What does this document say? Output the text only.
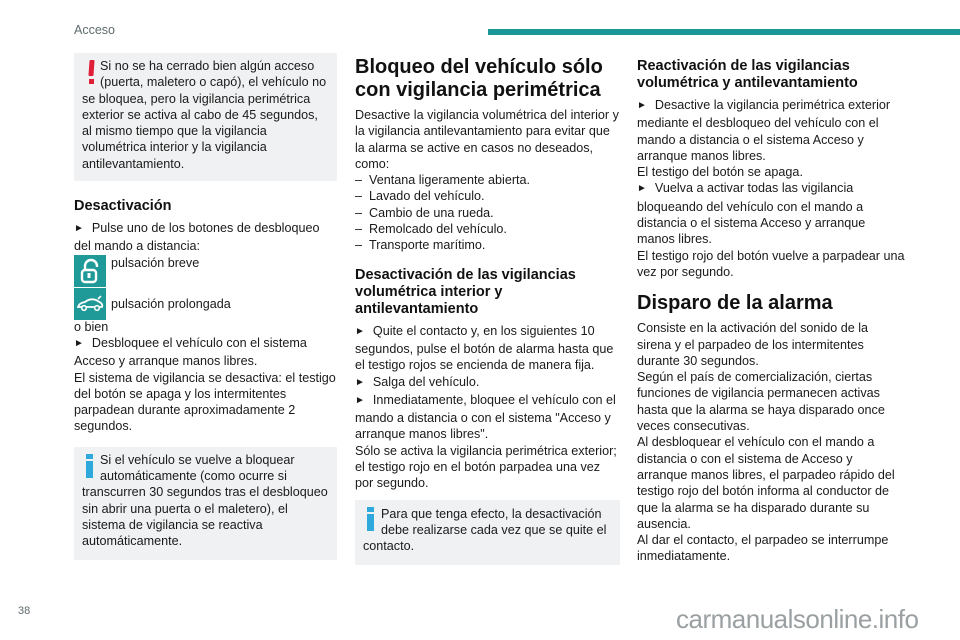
Acceso

Si no se ha cerrado bien algún acceso

(puerta, maletero o capó), el vehículo no

se bloquea, pero la vigilancia perimétrica exterior se activa al cabo de 45 segundos, al mismo tiempo que la vigilancia volumétrica interior y la vigilancia antilevantamiento.

Desactivación

► Pulse uno de los botones de desbloqueo del mando a distancia:

pulsación breve
pulsación prolongada

o bien

► Desbloquee el vehículo con el sistema Acceso y arranque manos libres.

El sistema de vigilancia se desactiva: el testigo del botón se apaga y los intermitentes parpadean durante aproximadamente 2 segundos.

Si el vehículo se vuelve a bloquear

automáticamente (como ocurre si

transcurren 30 segundos tras el desbloqueo sin abrir una puerta o el maletero), el sistema de vigilancia se reactiva automáticamente.

Bloqueo del vehículo sólo con vigilancia perimétrica

Desactive la vigilancia volumétrica del interior y la vigilancia antilevantamiento para evitar que la alarma se active en casos no deseados, como:

– Ventana ligeramente abierta.
– Lavado del vehículo.
– Cambio de una rueda.
– Remolcado del vehículo.
– Transporte marítimo.
Desactivación de las vigilancias volumétrica interior y antilevantamiento

► Quite el contacto y, en los siguientes 10 segundos, pulse el botón de alarma hasta que el testigo rojos se encienda de manera fija.

► Salga del vehículo.

► Inmediatamente, bloquee el vehículo con el mando a distancia o con el sistema "Acceso y arranque manos libres".

Sólo se activa la vigilancia perimétrica exterior; el testigo rojo en el botón parpadea una vez por segundo.

Para que tenga efecto, la desactivación

debe realizarse cada vez que se quite el

contacto.

Reactivación de las vigilancias volumétrica y antilevantamiento

► Desactive la vigilancia perimétrica exterior mediante el desbloqueo del vehículo con el mando a distancia o el sistema Acceso y arranque manos libres.

El testigo del botón se apaga.

► Vuelva a activar todas las vigilancia bloqueando del vehículo con el mando a distancia o el sistema Acceso y arranque manos libres.

El testigo rojo del botón vuelve a parpadear una vez por segundo.

Disparo de la alarma

Consiste en la activación del sonido de la sirena y el parpadeo de los intermitentes durante 30 segundos.

Según el país de comercialización, ciertas funciones de vigilancia permanecen activas hasta que la alarma se haya disparado once veces consecutivas.

Al desbloquear el vehículo con el mando a distancia o con el sistema de Acceso y arranque manos libres, el parpadeo rápido del testigo rojo del botón informa al conductor de que la alarma se ha disparado durante su ausencia.

Al dar el contacto, el parpadeo se interrumpe inmediatamente.

38	carmanualsonline.info
